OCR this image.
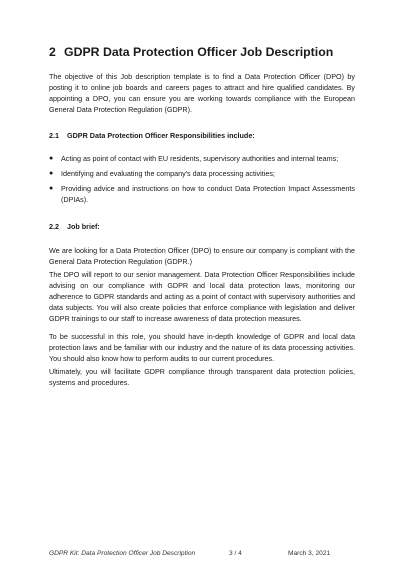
2 GDPR Data Protection Officer Job Description
The objective of this Job description template is to find a Data Protection Officer (DPO) by posting it to online job boards and careers pages to attract and hire qualified candidates. By appointing a DPO, you can ensure you are working towards compliance with the European General Data Protection Regulation (GDPR).
2.1 GDPR Data Protection Officer Responsibilities include:
● Acting as point of contact with EU residents, supervisory authorities and internal teams;
● Identifying and evaluating the company's data processing activities;
● Providing advice and instructions on how to conduct Data Protection Impact Assessments (DPIAs).
2.2 Job brief:
We are looking for a Data Protection Officer (DPO) to ensure our company is compliant with the General Data Protection Regulation (GDPR.)
The DPO will report to our senior management. Data Protection Officer Responsibilities include advising on our compliance with GDPR and local data protection laws, monitoring our adherence to GDPR standards and acting as a point of contact with supervisory authorities and data subjects. You will also create policies that enforce compliance with legislation and deliver GDPR trainings to our staff to increase awareness of data protection measures.
To be successful in this role, you should have in-depth knowledge of GDPR and local data protection laws and be familiar with our industry and the nature of its data processing activities. You should also know how to perform audits to our current procedures.
Ultimately, you will facilitate GDPR compliance through transparent data protection policies, systems and procedures.
GDPR Kit: Data Protection Officer Job Description	3 / 4	March 3, 2021
